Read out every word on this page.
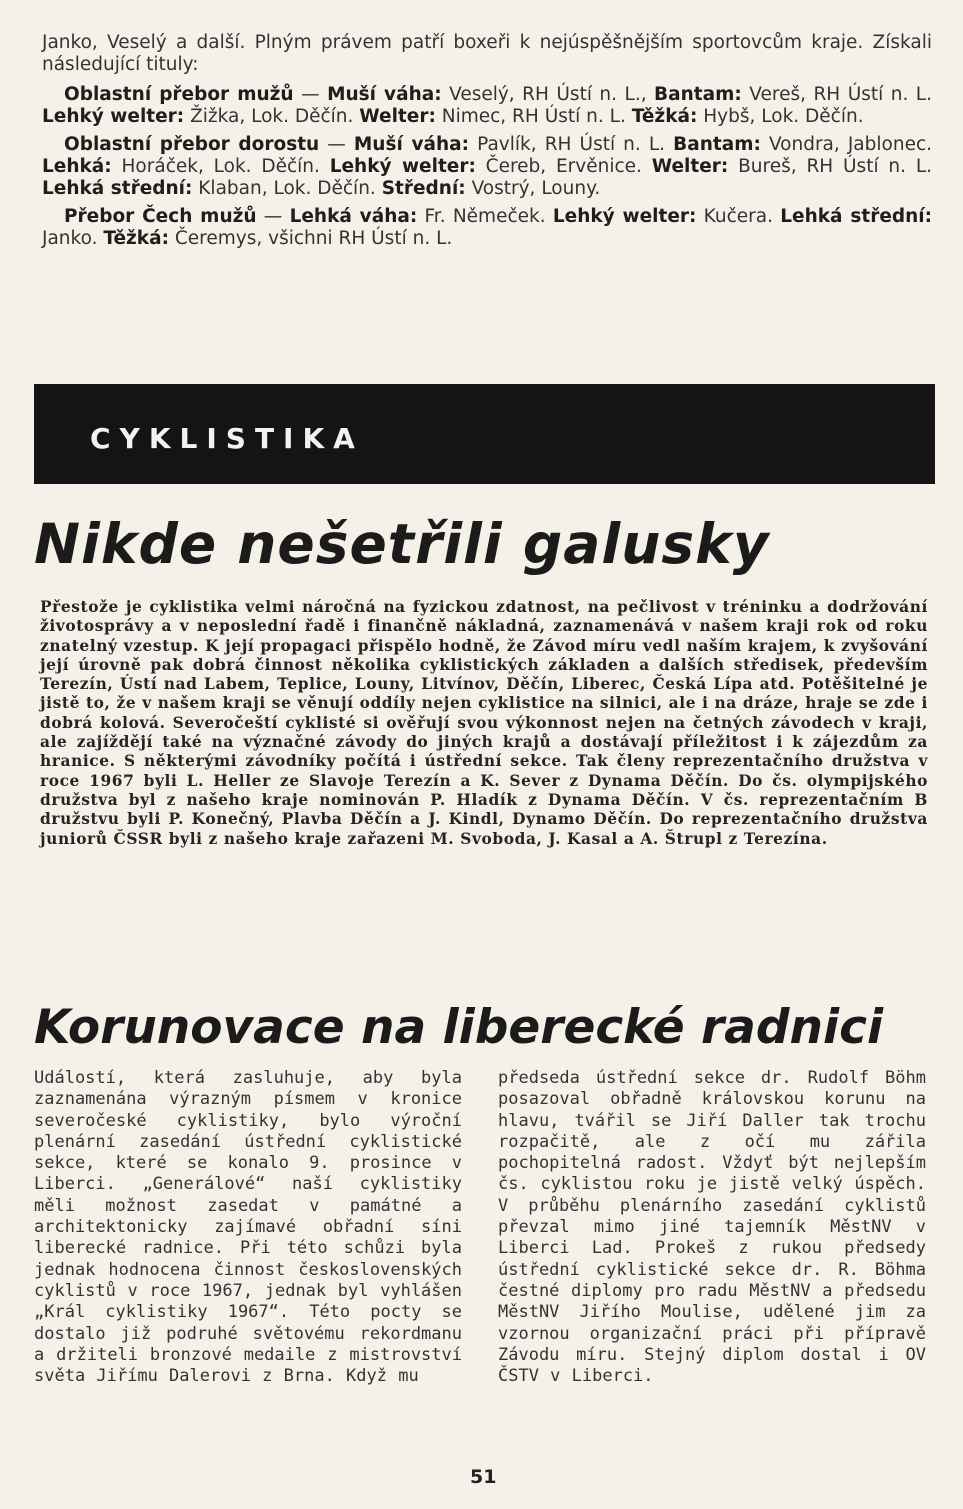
Janko, Veselý a další. Plným právem patří boxeři k nejúspěšnějším sportovcům kraje. Získali následující tituly:

Oblastní přebor mužů — Muší váha: Veselý, RH Ústí n. L., Bantam: Vereš, RH Ústí n. L. Lehký welter: Žižka, Lok. Děčín. Welter: Nimec, RH Ústí n. L. Těžká: Hybš, Lok. Děčín.

Oblastní přebor dorostu — Muší váha: Pavlík, RH Ústí n. L. Bantam: Vondra, Jablonec. Lehká: Horáček, Lok. Děčín. Lehký welter: Čereb, Ervěnice. Welter: Bureš, RH Ústí n. L. Lehká střední: Klaban, Lok. Děčín. Střední: Vostrý, Louny.

Přebor Čech mužů — Lehká váha: Fr. Němeček. Lehký welter: Kučera. Lehká střední: Janko. Těžká: Čeremys, všichni RH Ústí n. L.

CYKLISTIKA
Nikde nešetřili galusky

Přestože je cyklistika velmi náročná na fyzickou zdatnost, na pečlivost v tréninku a dodržování životosprávy a v neposlední řadě i finančně nákladná, zaznamenává v našem kraji rok od roku znatelný vzestup. K její propagaci přispělo hodně, že Závod míru vedl naším krajem, k zvyšování její úrovně pak dobrá činnost několika cyklistických základen a dalších středisek, především Terezín, Ústí nad Labem, Teplice, Louny, Litvínov, Děčín, Liberec, Česká Lípa atd. Potěšitelné je jistě to, že v našem kraji se věnují oddíly nejen cyklistice na silnici, ale i na dráze, hraje se zde i dobrá kolová. Severočeští cyklisté si ověřují svou výkonnost nejen na četných závodech v kraji, ale zajíždějí také na význačné závody do jiných krajů a dostávají příležitost i k zájezdům za hranice. S některými závodníky počítá i ústřední sekce. Tak členy reprezentačního družstva v roce 1967 byli L. Heller ze Slavoje Terezín a K. Sever z Dynama Děčín. Do čs. olympijského družstva byl z našeho kraje nominován P. Hladík z Dynama Děčín. V čs. reprezentačním B družstvu byli P. Konečný, Plavba Děčín a J. Kindl, Dynamo Děčín. Do reprezentačního družstva juniorů ČSSR byli z našeho kraje zařazeni M. Svoboda, J. Kasal a A. Štrupl z Terezína.

Korunovace na liberecké radnici

Událostí, která zasluhuje, aby byla zaznamenána výrazným písmem v kronice severočeské cyklistiky, bylo výroční plenární zasedání ústřední cyklistické sekce, které se konalo 9. prosince v Liberci. „Generálové“ naší cyklistiky měli možnost zasedat v památné a architektonicky zajímavé obřadní síni liberecké radnice. Při této schůzi byla jednak hodnocena činnost československých cyklistů v roce 1967, jednak byl vyhlášen „Král cyklistiky 1967“. Této pocty se dostalo již podruhé světovému rekordmanu a držiteli bronzové medaile z mistrovství světa Jiřímu Dalerovi z Brna. Když mu

předseda ústřední sekce dr. Rudolf Böhm posazoval obřadně královskou korunu na hlavu, tvářil se Jiří Daller tak trochu rozpačitě, ale z očí mu zářila pochopitelná radost. Vždyť být nejlepším čs. cyklistou roku je jistě velký úspěch. V průběhu plenárního zasedání cyklistů převzal mimo jiné tajemník MěstNV v Liberci Lad. Prokeš z rukou předsedy ústřední cyklistické sekce dr. R. Böhma čestné diplomy pro radu MěstNV a předsedu MěstNV Jiřího Moulise, udělené jim za vzornou organizační práci při přípravě Závodu míru. Stejný diplom dostal i OV ČSTV v Liberci.

51
